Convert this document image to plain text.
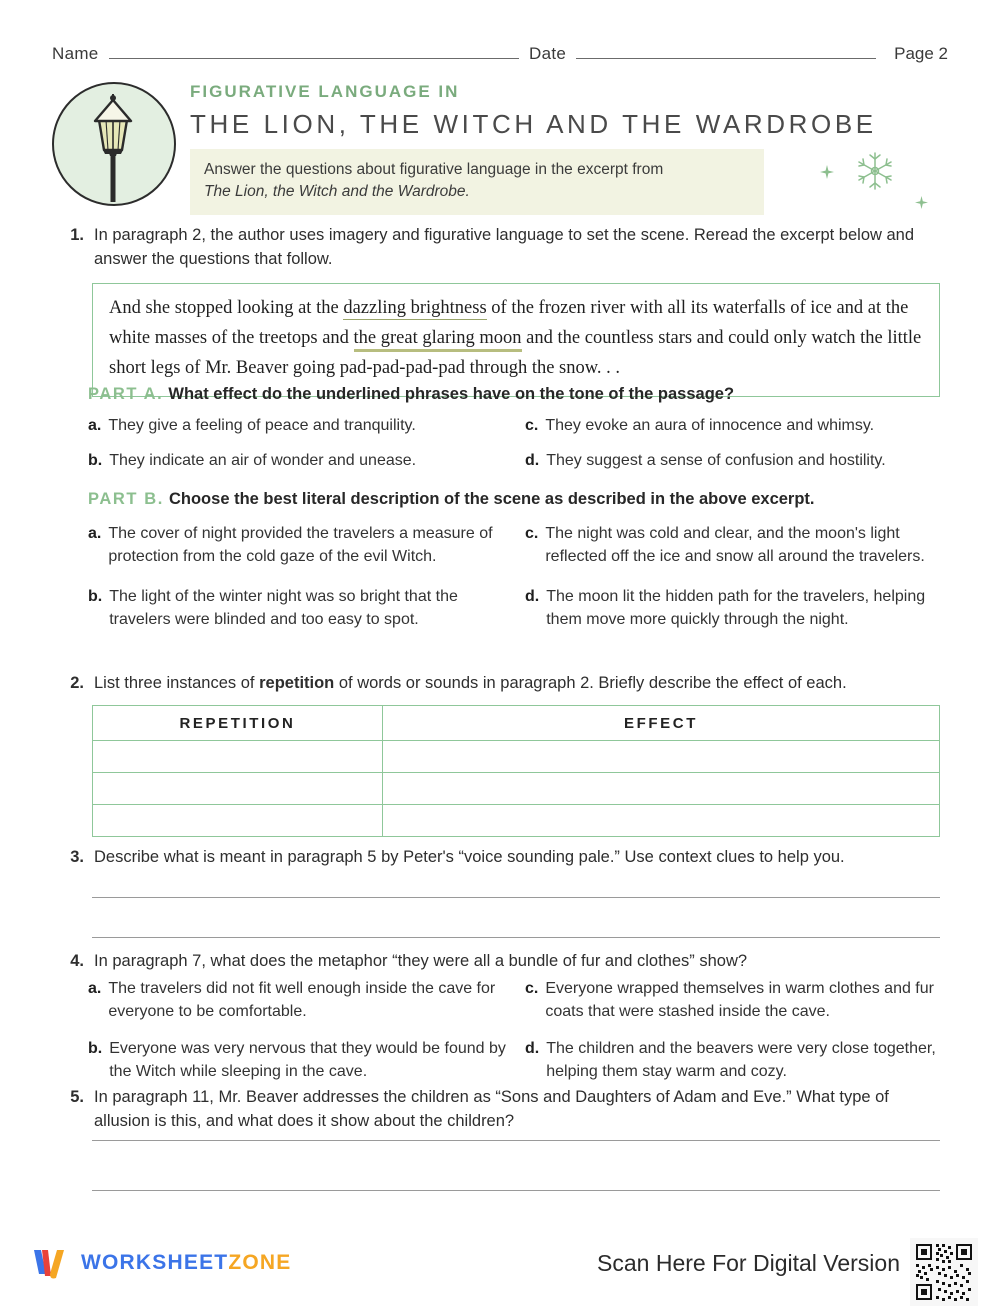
Name	Date	Page 2
FIGURATIVE LANGUAGE IN
THE LION, THE WITCH AND THE WARDROBE
Answer the questions about figurative language in the excerpt from
The Lion, the Witch and the Wardrobe.
1. In paragraph 2, the author uses imagery and figurative language to set the scene. Reread the excerpt below and answer the questions that follow.
And she stopped looking at the dazzling brightness of the frozen river with all its waterfalls of ice and at the white masses of the treetops and the great glaring moon and the countless stars and could only watch the little short legs of Mr. Beaver going pad-pad-pad-pad through the snow. . .
PART A. What effect do the underlined phrases have on the tone of the passage?
a. They give a feeling of peace and tranquility.
b. They indicate an air of wonder and unease.
c. They evoke an aura of innocence and whimsy.
d. They suggest a sense of confusion and hostility.
PART B. Choose the best literal description of the scene as described in the above excerpt.
a. The cover of night provided the travelers a measure of protection from the cold gaze of the evil Witch.
b. The light of the winter night was so bright that the travelers were blinded and too easy to spot.
c. The night was cold and clear, and the moon's light reflected off the ice and snow all around the travelers.
d. The moon lit the hidden path for the travelers, helping them move more quickly through the night.
2. List three instances of repetition of words or sounds in paragraph 2. Briefly describe the effect of each.
REPETITION	EFFECT

3. Describe what is meant in paragraph 5 by Peter's “voice sounding pale.” Use context clues to help you.
4. In paragraph 7, what does the metaphor “they were all a bundle of fur and clothes” show?
a. The travelers did not fit well enough inside the cave for everyone to be comfortable.
b. Everyone was very nervous that they would be found by the Witch while sleeping in the cave.
c. Everyone wrapped themselves in warm clothes and fur coats that were stashed inside the cave.
d. The children and the beavers were very close together, helping them stay warm and cozy.
5. In paragraph 11, Mr. Beaver addresses the children as “Sons and Daughters of Adam and Eve.” What type of allusion is this, and what does it show about the children?
WORKSHEETZONE	Scan Here For Digital Version
